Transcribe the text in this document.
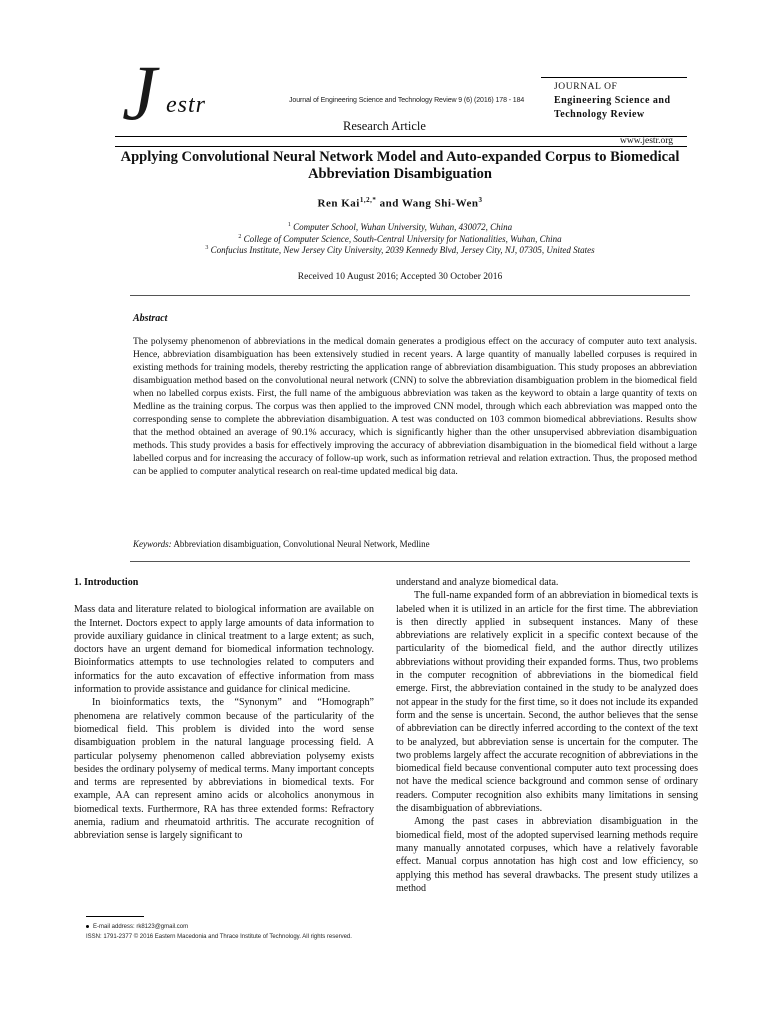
J estr	Journal of Engineering Science and Technology Review 9 (6) (2016) 178 - 184
Research Article
JOURNAL OF
Engineering Science and Technology Review
www.jestr.org
Applying Convolutional Neural Network Model and Auto-expanded Corpus to Biomedical Abbreviation Disambiguation
Ren Kai$^{1,2,*}$ and Wang Shi-Wen$^3$
$^1$ Computer School, Wuhan University, Wuhan, 430072, China
$^2$ College of Computer Science, South-Central University for Nationalities, Wuhan, China
$^3$ Confucius Institute, New Jersey City University, 2039 Kennedy Blvd, Jersey City, NJ, 07305, United States
Received 10 August 2016; Accepted 30 October 2016
Abstract
The polysemy phenomenon of abbreviations in the medical domain generates a prodigious effect on the accuracy of computer auto text analysis. Hence, abbreviation disambiguation has been extensively studied in recent years. A large quantity of manually labelled corpuses is required in existing methods for training models, thereby restricting the application range of abbreviation disambiguation. This study proposes an abbreviation disambiguation method based on the convolutional neural network (CNN) to solve the abbreviation disambiguation problem in the biomedical field when no labelled corpus exists. First, the full name of the ambiguous abbreviation was taken as the keyword to obtain a large quantity of texts on Medline as the training corpus. The corpus was then applied to the improved CNN model, through which each abbreviation was mapped onto the corresponding sense to complete the abbreviation disambiguation. A test was conducted on 103 common biomedical abbreviations. Results show that the method obtained an average of 90.1% accuracy, which is significantly higher than the other unsupervised abbreviation disambiguation methods. This study provides a basis for effectively improving the accuracy of abbreviation disambiguation in the biomedical field without a large labelled corpus and for increasing the accuracy of follow-up work, such as information retrieval and relation extraction. Thus, the proposed method can be applied to computer analytical research on real-time updated medical big data.
Keywords: Abbreviation disambiguation, Convolutional Neural Network, Medline

1. Introduction

Mass data and literature related to biological information are available on the Internet. Doctors expect to apply large amounts of data information to provide auxiliary guidance in clinical treatment to a large extent; as such, doctors have an urgent demand for biomedical information technology. Bioinformatics attempts to use technologies related to computers and informatics for the auto excavation of effective information from mass information to provide assistance and guidance for clinical medicine.

In bioinformatics texts, the “Synonym” and “Homograph” phenomena are relatively common because of the particularity of the biomedical field. This problem is divided into the word sense disambiguation problem in the natural language processing field. A particular polysemy phenomenon called abbreviation polysemy exists besides the ordinary polysemy of medical terms. Many important concepts and terms are represented by abbreviations in biomedical texts. For example, AA can represent amino acids or alcoholics anonymous in biomedical texts. Furthermore, RA has three extended forms: Refractory anemia, radium and rheumatoid arthritis. The accurate recognition of abbreviation sense is largely significant to

understand and analyze biomedical data.

The full-name expanded form of an abbreviation in biomedical texts is labeled when it is utilized in an article for the first time. The abbreviation is then directly applied in subsequent instances. Many of these abbreviations are relatively explicit in a specific context because of the particularity of the biomedical field, and the author directly utilizes abbreviations without providing their expanded forms. Thus, two problems in the computer recognition of abbreviations in the biomedical field emerge. First, the abbreviation contained in the study to be analyzed does not appear in the study for the first time, so it does not include its expanded form and the sense is uncertain. Second, the author believes that the sense of abbreviation can be directly inferred according to the context of the text to be analyzed, but abbreviation sense is uncertain for the computer. The two problems largely affect the accurate recognition of abbreviations in the biomedical field because conventional computer auto text processing does not have the medical science background and common sense of ordinary readers. Computer recognition also exhibits many limitations in sensing the disambiguation of abbreviations.

Among the past cases in abbreviation disambiguation in the biomedical field, most of the adopted supervised learning methods require many manually annotated corpuses, which have a relatively favorable effect. Manual corpus annotation has high cost and low efficiency, so applying this method has several drawbacks. The present study utilizes a method

E-mail address: rk8123@gmail.com
ISSN: 1791-2377 © 2016 Eastern Macedonia and Thrace Institute of Technology. All rights reserved.
